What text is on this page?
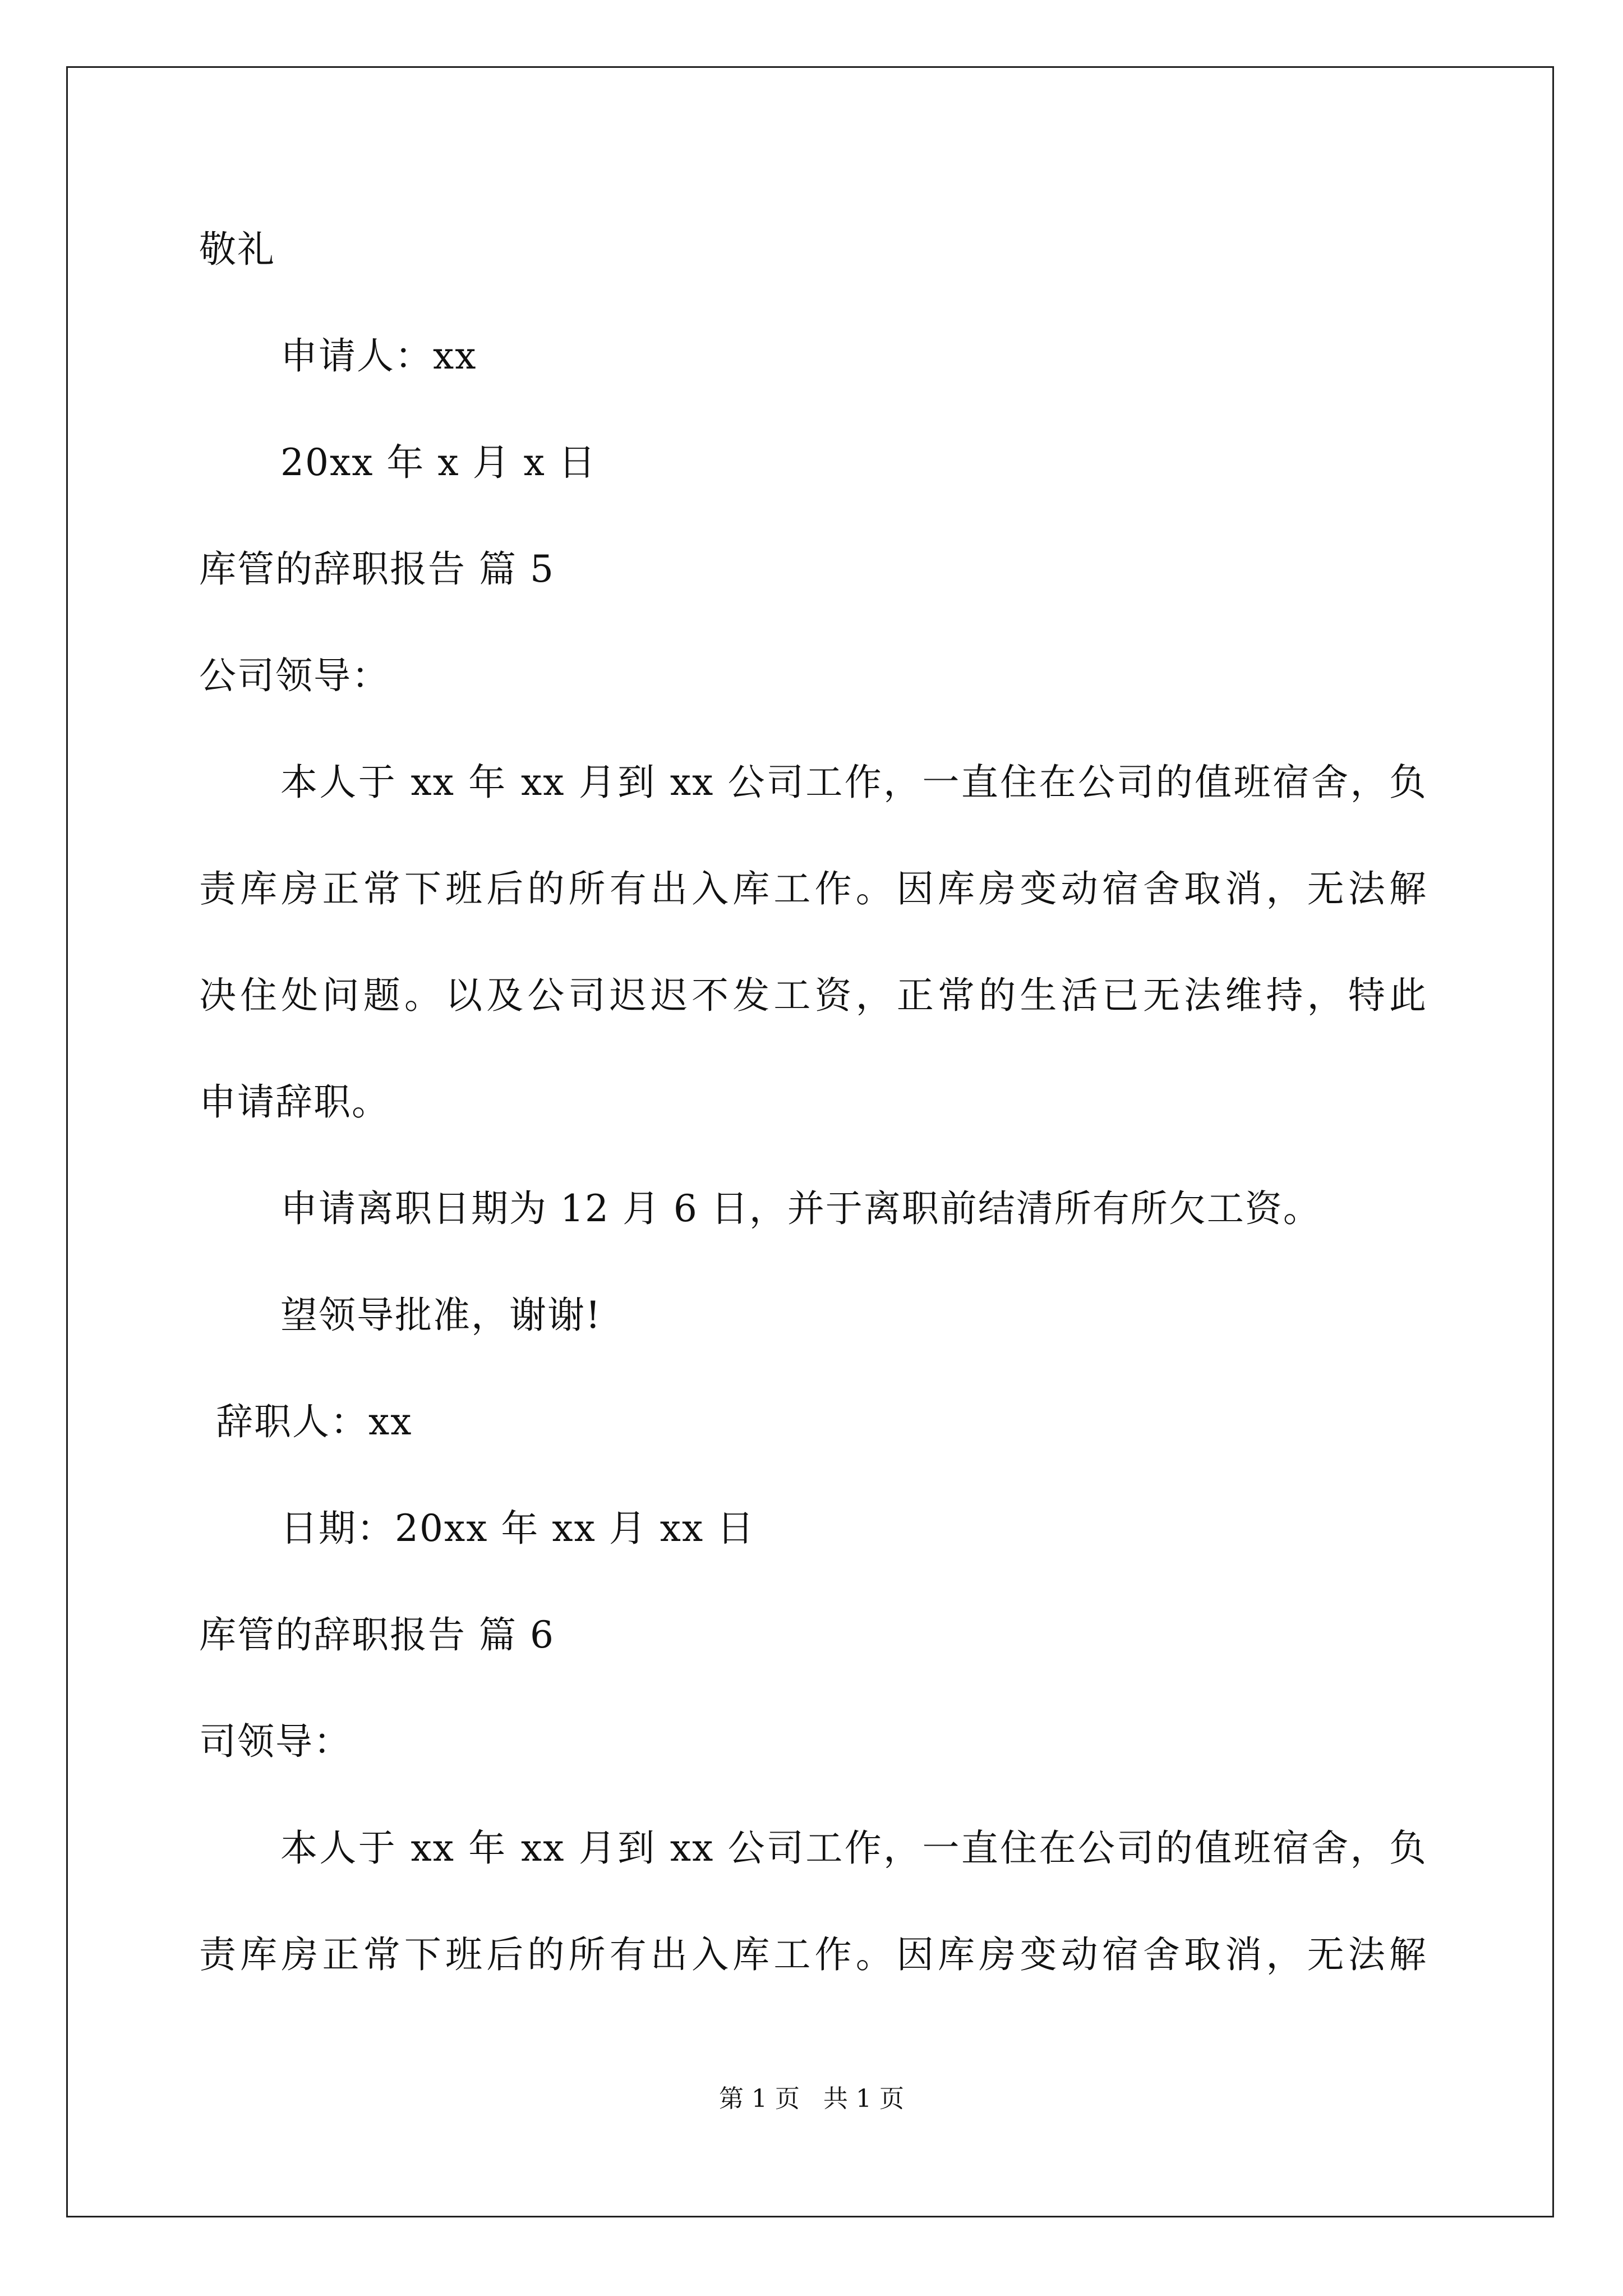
敬礼
申请人：xx
20xx 年 x 月 x 日
库管的辞职报告 篇 5
公司领导：
本人于 xx 年 xx 月到 xx 公司工作，一直住在公司的值班宿舍，负
责库房正常下班后的所有出入库工作。因库房变动宿舍取消，无法解
决住处问题。以及公司迟迟不发工资，正常的生活已无法维持，特此
申请辞职。
申请离职日期为 12 月 6 日，并于离职前结清所有所欠工资。
望领导批准，谢谢!
辞职人：xx
日期：20xx 年 xx 月 xx 日
库管的辞职报告 篇 6
司领导：
本人于 xx 年 xx 月到 xx 公司工作，一直住在公司的值班宿舍，负
责库房正常下班后的所有出入库工作。因库房变动宿舍取消，无法解
第 1 页   共 1 页
